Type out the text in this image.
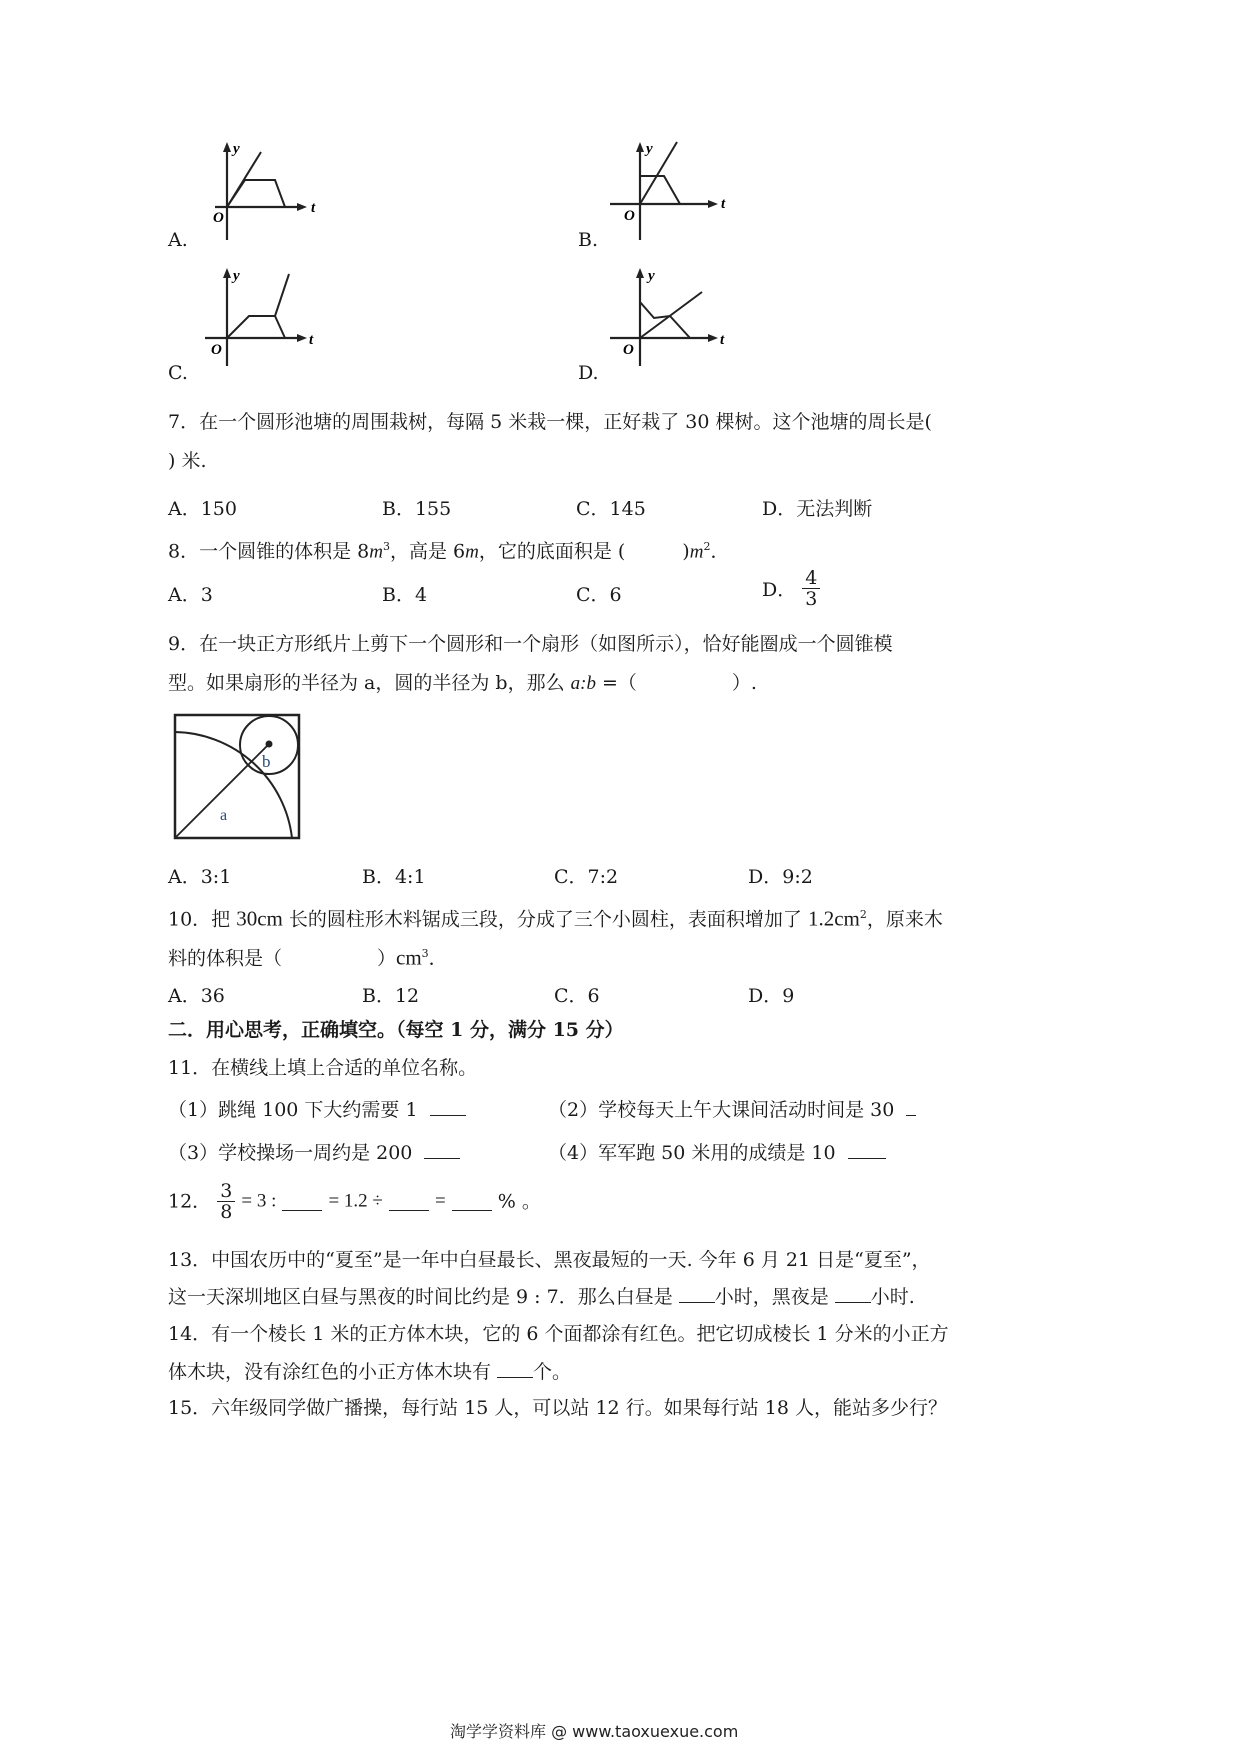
y
O
t
A.
y
O
t
B.
y
O
t
C.
y
O
t
D.
7．在一个圆形池塘的周围栽树，每隔 5 米栽一棵，正好栽了 30 棵树。这个池塘的周长是(
) 米.
A．150	B．155	C．145	D．无法判断
8．一个圆锥的体积是 $8m^3$，高是 6m，它的底面积是 (　　　)$m^2$．
A．3	B．4	C．6	D． $\frac{4}{3}$
9．在一块正方形纸片上剪下一个圆形和一个扇形（如图所示），恰好能圈成一个圆锥模
型。如果扇形的半径为 a，圆的半径为 b，那么 a:b =（　　　　　）.
b
a
A．3:1	B．4:1	C．7:2	D．9:2
10．把 30cm 长的圆柱形木料锯成三段，分成了三个小圆柱，表面积增加了 $1.2cm^2$，原来木
料的体积是（　　　　　）$cm^3$．
A．36	B．12	C．6	D．9
二．用心思考，正确填空。（每空 1 分，满分 15 分）
11．在横线上填上合适的单位名称。
（1）跳绳 100 下大约需要 1	（2）学校每天上午大课间活动时间是 30
（3）学校操场一周约是 200	（4）军军跑 50 米用的成绩是 10
12． $\frac{3}{8} = 3$ :	= 1.2 ÷	=	% 。
13．中国农历中的“夏至”是一年中白昼最长、黑夜最短的一天. 今年 6 月 21 日是“夏至”，
这一天深圳地区白昼与黑夜的时间比约是 9 : 7．那么白昼是 小时，黑夜是 小时.
14．有一个棱长 1 米的正方体木块，它的 6 个面都涂有红色。把它切成棱长 1 分米的小正方
体木块，没有涂红色的小正方体木块有 个。
15．六年级同学做广播操，每行站 15 人，可以站 12 行。如果每行站 18 人，能站多少行？
淘学学资料库 @ www.taoxuexue.com
